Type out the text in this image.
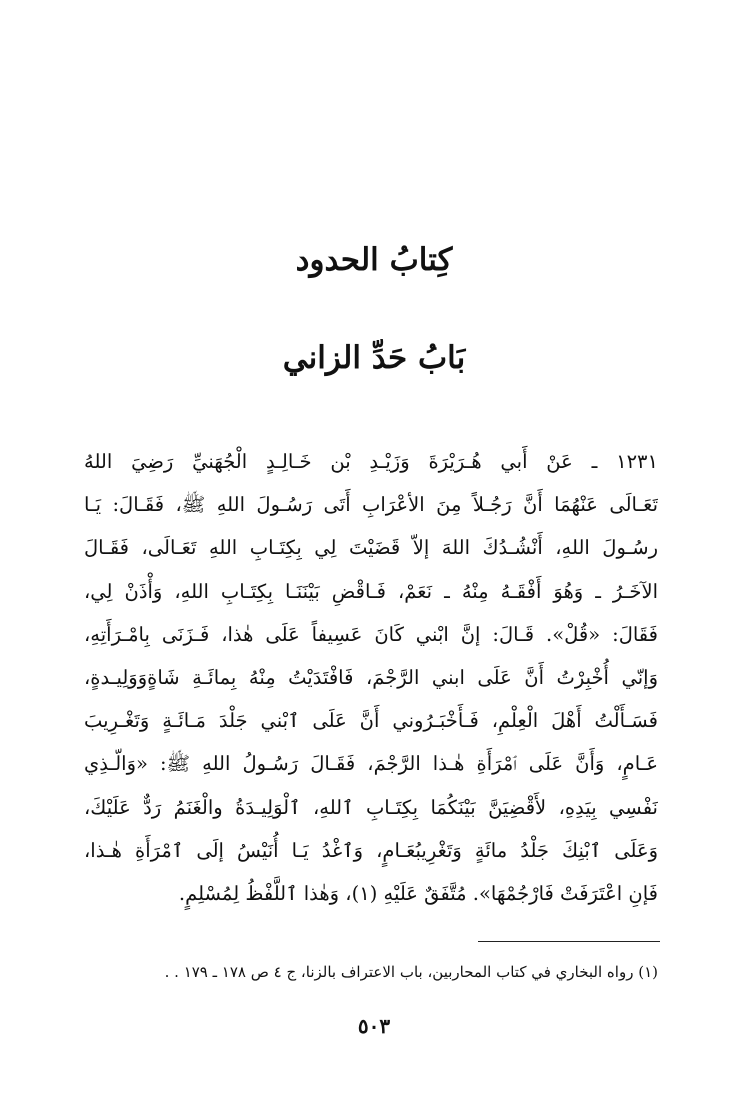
كِتابُ الحدود
بَابُ حَدِّ الزاني
١٢٣١ ـ عَنْ أَبي هُـرَيْرَةَ وَزَيْـدِ بْن خَـالِـدٍ الْجُهَنيِّ رَضِيَ اللهُ
تَعَـالَى عَنْهُمَا أَنَّ رَجُـلاً مِنَ الأعْرَابِ أَتَى رَسُـولَ اللهِ ﷺ، فَقَـالَ: يَـا
رسُـولَ اللهِ، أَنْشُـدُكَ اللهَ إلاّ قَضَيْتَ لِي بِكِتَـابِ اللهِ تَعَـالَى، فَقَـالَ
الآخَـرُ ـ وَهُوَ أَفْقَـهُ مِنْهُ ـ نَعَمْ، فَـاقْضِ بَيْنَنَـا بِكِتَـابِ اللهِ، وَأْذَنْ لِي،
فَقَالَ: «قُلْ». قَـالَ: إنَّ ابْني كَانَ عَسِيفاً عَلَى هٰذا، فَـزَنَى بِامْـرَأَتِهِ،
وَإنّي أُخْبِرْتُ أَنَّ عَلَى ابني الرَّجْمَ، فَافْتَدَيْتُ مِنْهُ بِمائَـةِ شَاةٍوَوَلِيـدةٍ،
فَسَـأَلْتُ أَهْلَ الْعِلْمِ، فَـأَخْبَـرُوني أَنَّ عَلَى ٱبْني جَلْدَ مَـائَـةٍ وَتَغْـرِيبَ
عَـامٍ، وَأَنَّ عَلَى ٱمْرَأَةِ هٰـذا الرَّجْمَ، فَقَـالَ رَسُـولُ اللهِ ﷺ: «وَالّـذِي
نَفْسِي بِيَدِهِ، لأَقْضِيَنَّ بَيْنَكُمَا بِكِتَـابِ ٱللهِ، ٱلْوَلِيـدَةُ والْغَنَمُ رَدٌّ عَلَيْكَ،
وَعَلَى ٱبْنِكَ جَلْدُ مائَةٍ وَتَغْرِيبُعَـامٍ، وَٱغْدُ يَـا أُنَيْسُ إلَى ٱمْرَأَةِ هٰـذا،
فَإنِ اعْتَرَفَتْ فَارْجُمْهَا». مُتَّفَقٌ عَلَيْهِ (١)، وَهٰذا ٱللَّفْظُ لِمُسْلِمٍ.
(١) رواه البخاري في كتاب المحاربين، باب الاعتراف بالزنا، ج ٤ ص ١٧٨ ـ ١٧٩ . .
٥٠٣
